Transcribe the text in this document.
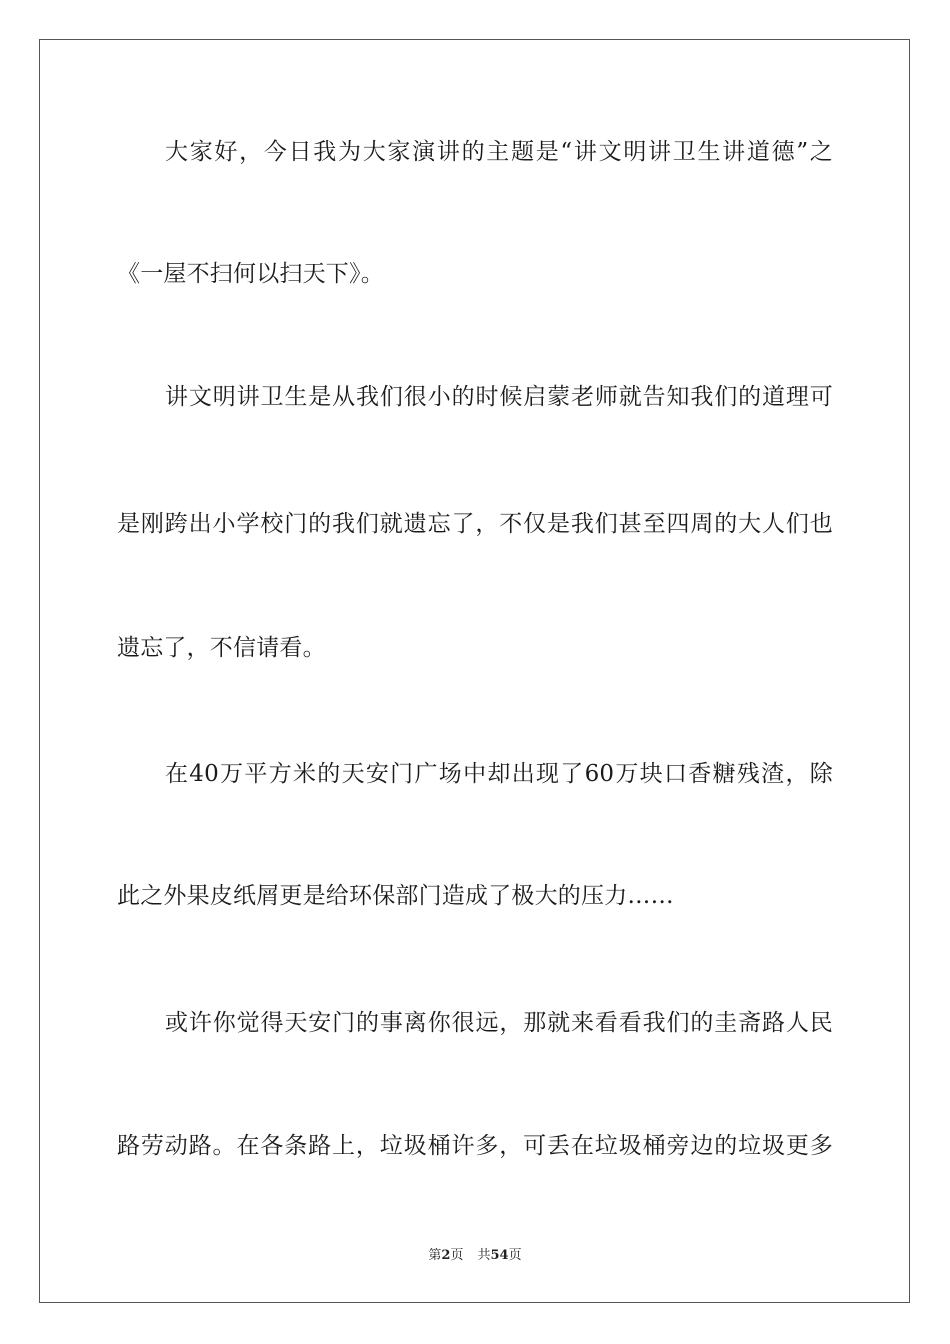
大家好，今日我为大家演讲的主题是“讲文明讲卫生讲道德”之
《一屋不扫何以扫天下》。
讲文明讲卫生是从我们很小的时候启蒙老师就告知我们的道理可
是刚跨出小学校门的我们就遗忘了，不仅是我们甚至四周的大人们也
遗忘了，不信请看。
在40万平方米的天安门广场中却出现了60万块口香糖残渣，除
此之外果皮纸屑更是给环保部门造成了极大的压力……
或许你觉得天安门的事离你很远，那就来看看我们的圭斋路人民
路劳动路。在各条路上，垃圾桶许多，可丢在垃圾桶旁边的垃圾更多
第2页 共54页
